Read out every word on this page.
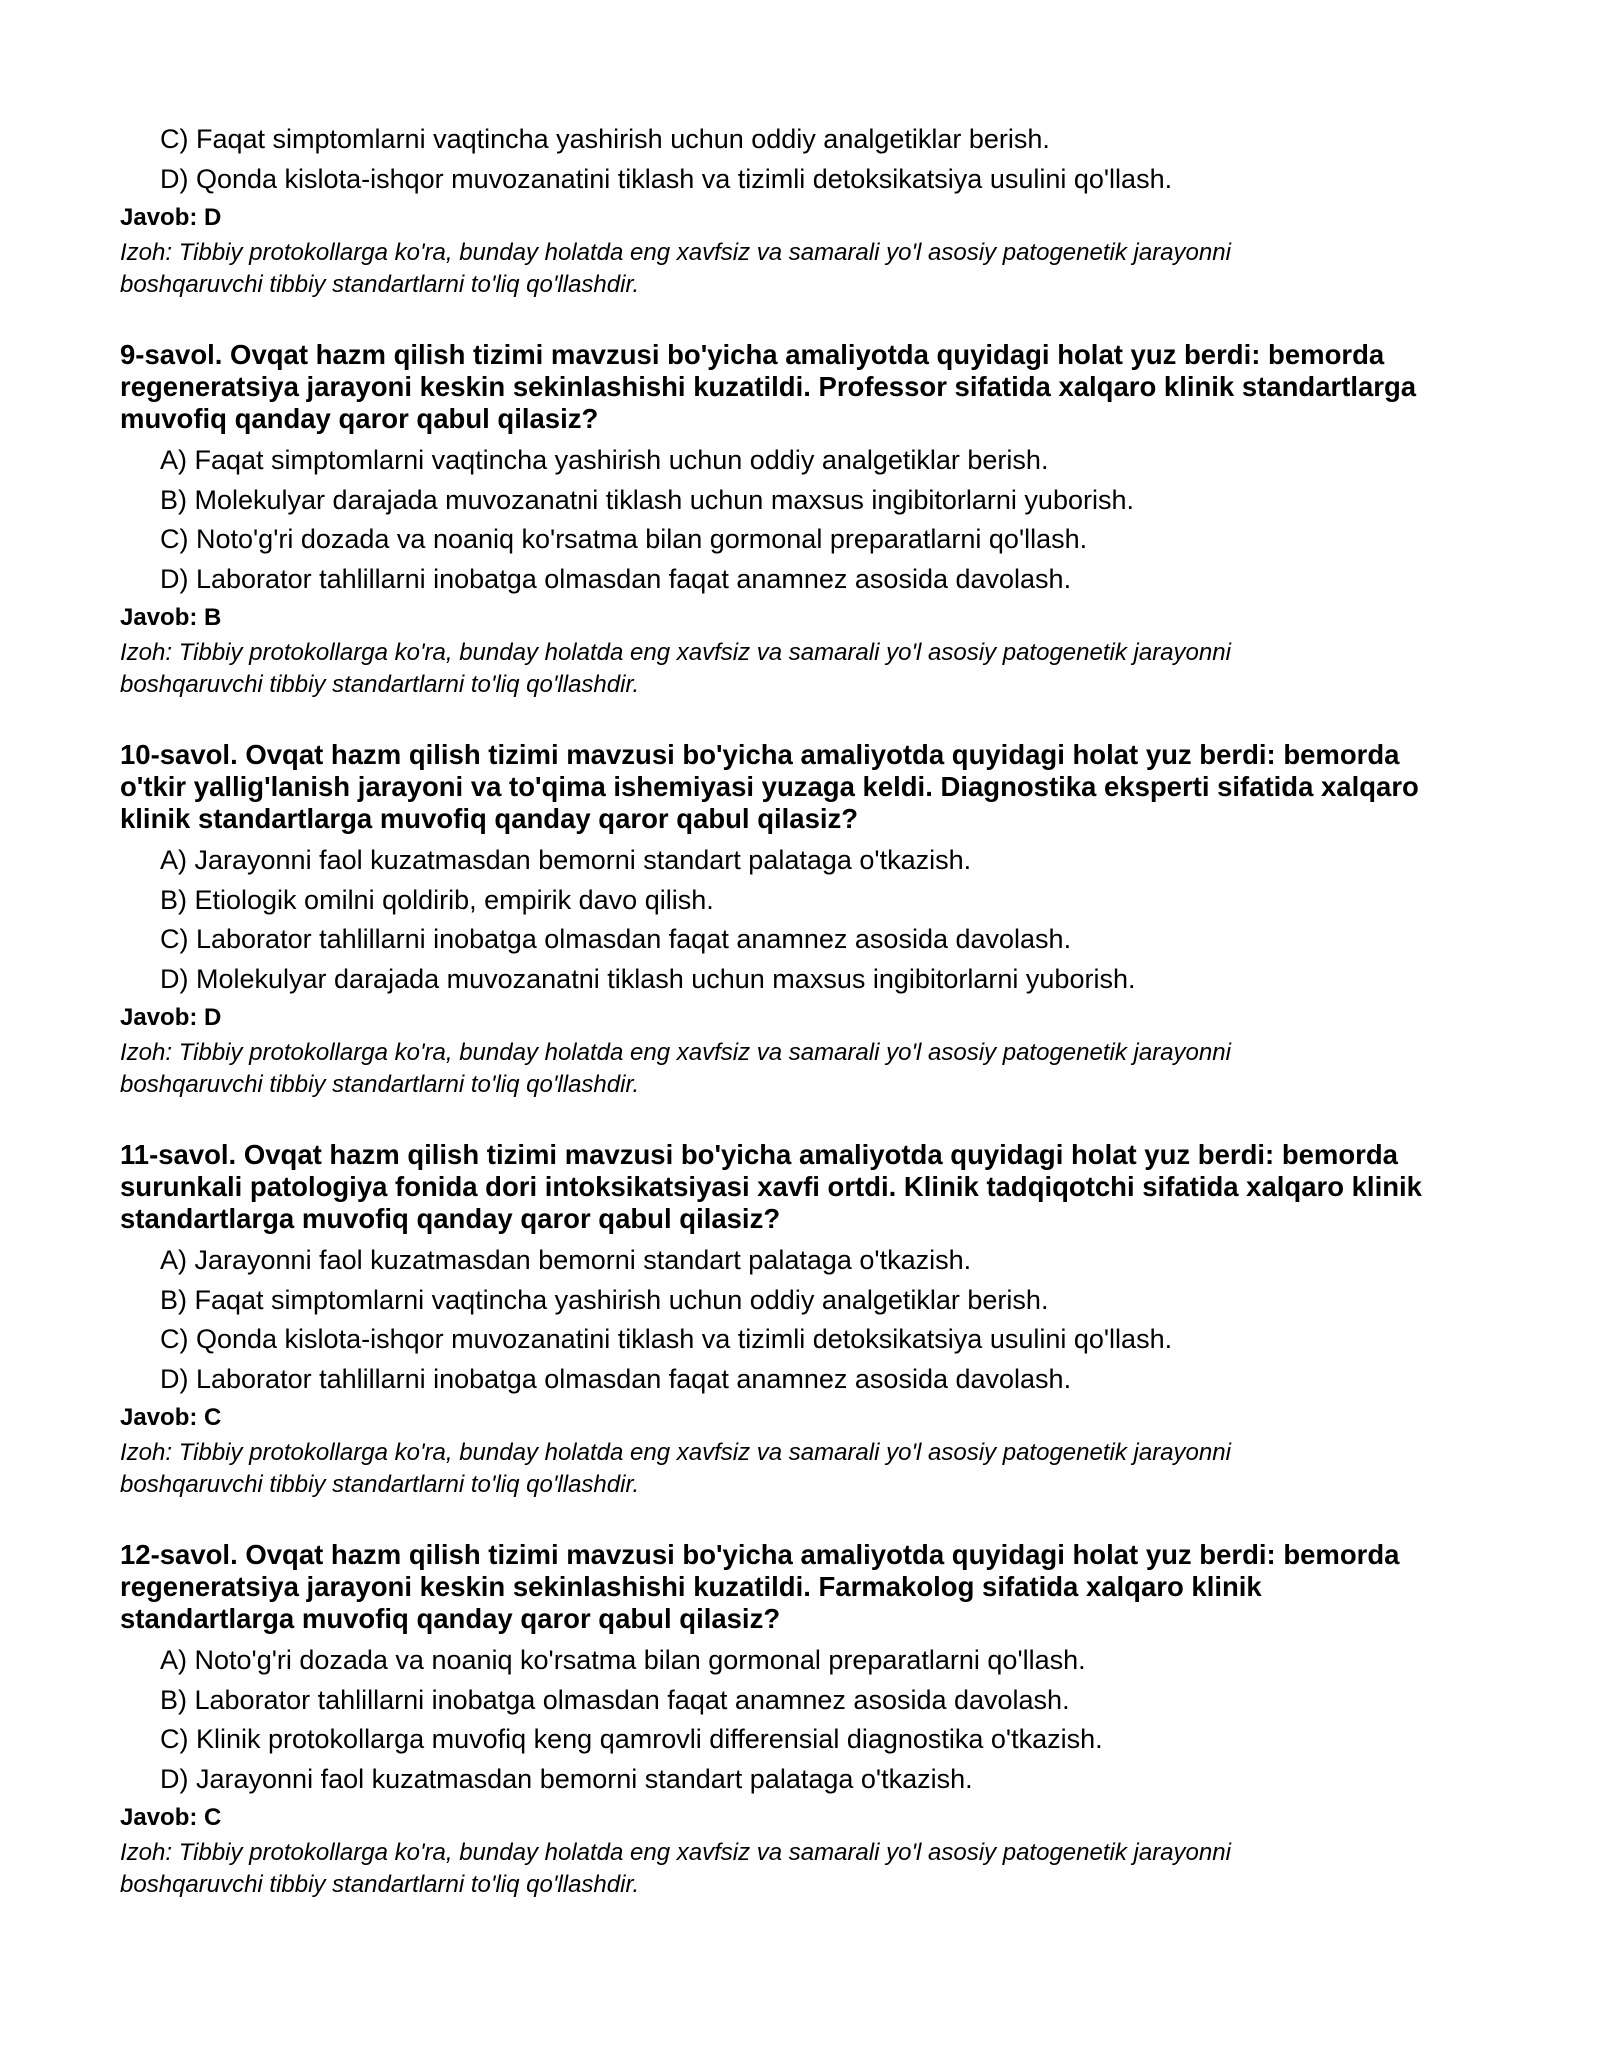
C) Faqat simptomlarni vaqtincha yashirish uchun oddiy analgetiklar berish.
D) Qonda kislota-ishqor muvozanatini tiklash va tizimli detoksikatsiya usulini qo'llash.
Javob: D
Izoh: Tibbiy protokollarga ko'ra, bunday holatda eng xavfsiz va samarali yo'l asosiy patogenetik jarayonni
boshqaruvchi tibbiy standartlarni to'liq qo'llashdir.
9-savol. Ovqat hazm qilish tizimi mavzusi bo'yicha amaliyotda quyidagi holat yuz berdi: bemorda
regeneratsiya jarayoni keskin sekinlashishi kuzatildi. Professor sifatida xalqaro klinik standartlarga
muvofiq qanday qaror qabul qilasiz?
A) Faqat simptomlarni vaqtincha yashirish uchun oddiy analgetiklar berish.
B) Molekulyar darajada muvozanatni tiklash uchun maxsus ingibitorlarni yuborish.
C) Noto'g'ri dozada va noaniq ko'rsatma bilan gormonal preparatlarni qo'llash.
D) Laborator tahlillarni inobatga olmasdan faqat anamnez asosida davolash.
Javob: B
Izoh: Tibbiy protokollarga ko'ra, bunday holatda eng xavfsiz va samarali yo'l asosiy patogenetik jarayonni
boshqaruvchi tibbiy standartlarni to'liq qo'llashdir.
10-savol. Ovqat hazm qilish tizimi mavzusi bo'yicha amaliyotda quyidagi holat yuz berdi: bemorda
o'tkir yallig'lanish jarayoni va to'qima ishemiyasi yuzaga keldi. Diagnostika eksperti sifatida xalqaro
klinik standartlarga muvofiq qanday qaror qabul qilasiz?
A) Jarayonni faol kuzatmasdan bemorni standart palataga o'tkazish.
B) Etiologik omilni qoldirib, empirik davo qilish.
C) Laborator tahlillarni inobatga olmasdan faqat anamnez asosida davolash.
D) Molekulyar darajada muvozanatni tiklash uchun maxsus ingibitorlarni yuborish.
Javob: D
Izoh: Tibbiy protokollarga ko'ra, bunday holatda eng xavfsiz va samarali yo'l asosiy patogenetik jarayonni
boshqaruvchi tibbiy standartlarni to'liq qo'llashdir.
11-savol. Ovqat hazm qilish tizimi mavzusi bo'yicha amaliyotda quyidagi holat yuz berdi: bemorda
surunkali patologiya fonida dori intoksikatsiyasi xavfi ortdi. Klinik tadqiqotchi sifatida xalqaro klinik
standartlarga muvofiq qanday qaror qabul qilasiz?
A) Jarayonni faol kuzatmasdan bemorni standart palataga o'tkazish.
B) Faqat simptomlarni vaqtincha yashirish uchun oddiy analgetiklar berish.
C) Qonda kislota-ishqor muvozanatini tiklash va tizimli detoksikatsiya usulini qo'llash.
D) Laborator tahlillarni inobatga olmasdan faqat anamnez asosida davolash.
Javob: C
Izoh: Tibbiy protokollarga ko'ra, bunday holatda eng xavfsiz va samarali yo'l asosiy patogenetik jarayonni
boshqaruvchi tibbiy standartlarni to'liq qo'llashdir.
12-savol. Ovqat hazm qilish tizimi mavzusi bo'yicha amaliyotda quyidagi holat yuz berdi: bemorda
regeneratsiya jarayoni keskin sekinlashishi kuzatildi. Farmakolog sifatida xalqaro klinik
standartlarga muvofiq qanday qaror qabul qilasiz?
A) Noto'g'ri dozada va noaniq ko'rsatma bilan gormonal preparatlarni qo'llash.
B) Laborator tahlillarni inobatga olmasdan faqat anamnez asosida davolash.
C) Klinik protokollarga muvofiq keng qamrovli differensial diagnostika o'tkazish.
D) Jarayonni faol kuzatmasdan bemorni standart palataga o'tkazish.
Javob: C
Izoh: Tibbiy protokollarga ko'ra, bunday holatda eng xavfsiz va samarali yo'l asosiy patogenetik jarayonni
boshqaruvchi tibbiy standartlarni to'liq qo'llashdir.
